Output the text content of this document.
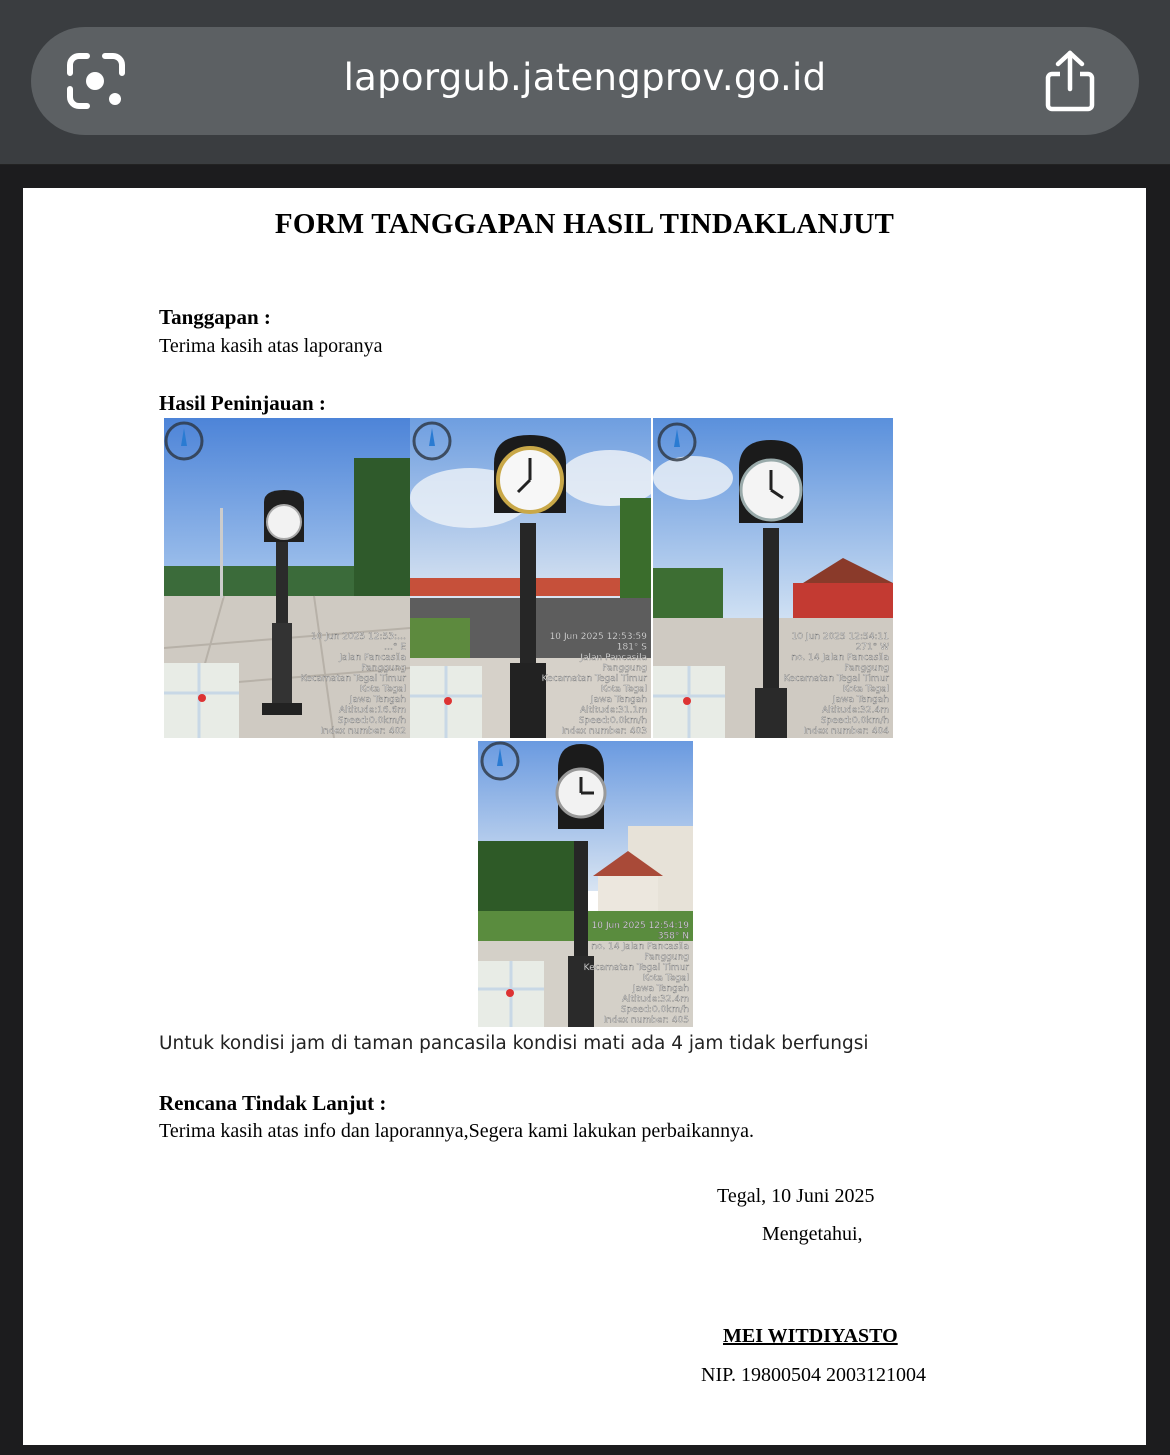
laporgub.jatengprov.go.id
FORM TANGGAPAN HASIL TINDAKLANJUT
Tanggapan :
Terima kasih atas laporanya
Hasil Peninjauan :
10 Jun 2025 12:53:…
…° E
Jalan Pancasila
Panggung
Kecamatan Tegal Timur
Kota Tegal
Jawa Tengah
Altitude:16.6m
Speed:0.0km/h
Index number: 402
10 Jun 2025 12:53:59
181° S
Jalan Pancasila
Panggung
Kecamatan Tegal Timur
Kota Tegal
Jawa Tengah
Altitude:31.1m
Speed:0.0km/h
Index number: 403
10 Jun 2025 12:54:11
271° W
no. 14 Jalan Pancasila
Panggung
Kecamatan Tegal Timur
Kota Tegal
Jawa Tengah
Altitude:32.4m
Speed:0.0km/h
Index number: 404
10 Jun 2025 12:54:19
358° N
no. 14 Jalan Pancasila
Panggung
Kecamatan Tegal Timur
Kota Tegal
Jawa Tengah
Altitude:32.4m
Speed:0.0km/h
Index number: 405
Untuk kondisi jam di taman pancasila kondisi mati ada 4 jam tidak berfungsi
Rencana Tindak Lanjut :
Terima kasih atas info dan laporannya,Segera kami lakukan perbaikannya.
Tegal, 10 Juni 2025
Mengetahui,
MEI WITDIYASTO
NIP. 19800504 2003121004
